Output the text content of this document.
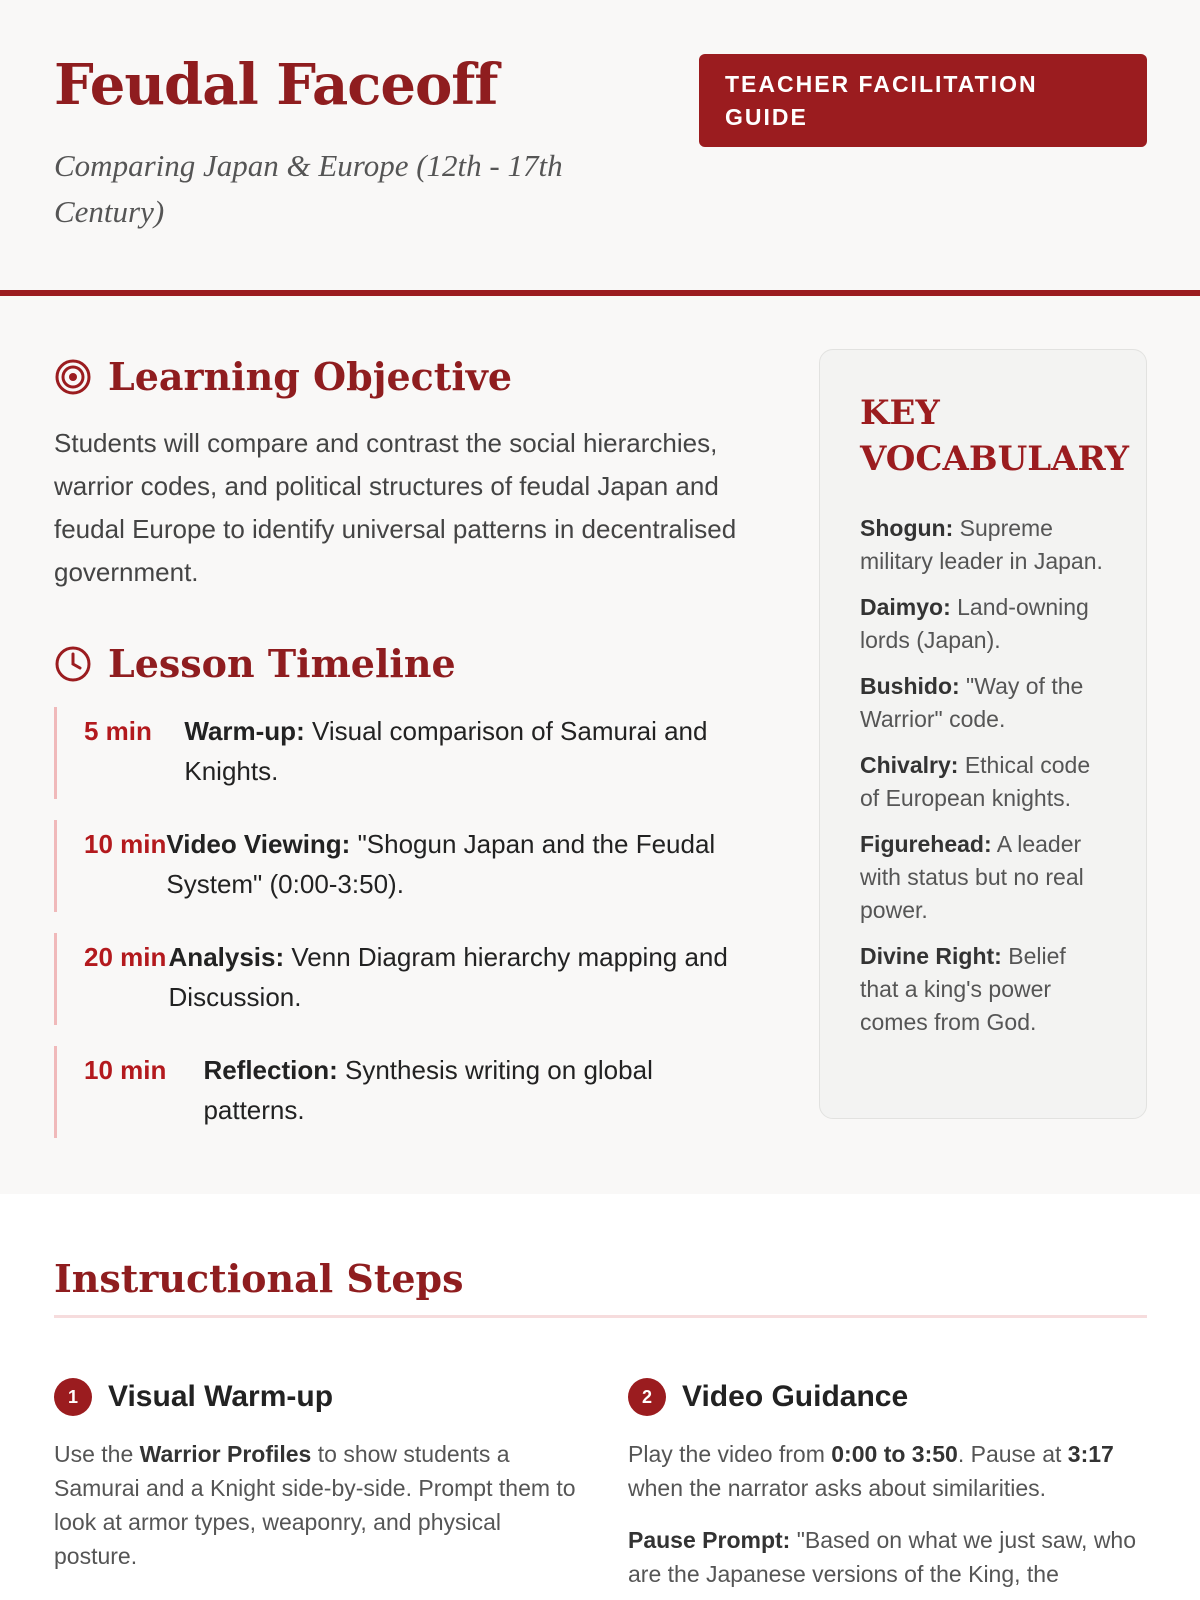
Feudal Faceoff
Comparing Japan & Europe (12th - 17th Century)
TEACHER FACILITATION GUIDE
Learning Objective
Students will compare and contrast the social hierarchies, warrior codes, and political structures of feudal Japan and feudal Europe to identify universal patterns in decentralised government.
Lesson Timeline
5 min	Warm-up: Visual comparison of Samurai and Knights.
10 min Video Viewing: "Shogun Japan and the Feudal System" (0:00-3:50).
20 min Analysis: Venn Diagram hierarchy mapping and Discussion.
10 min	Reflection: Synthesis writing on global patterns.
KEY VOCABULARY
Shogun: Supreme military leader in Japan.
Daimyo: Land-owning lords (Japan).
Bushido: "Way of the Warrior" code.
Chivalry: Ethical code of European knights.
Figurehead: A leader with status but no real power.
Divine Right: Belief that a king's power comes from God.
Instructional Steps
1	Visual Warm-up

Use the Warrior Profiles to show students a Samurai and a Knight side-by-side. Prompt them to look at armor types, weaponry, and physical posture.

2	Video Guidance

Play the video from 0:00 to 3:50. Pause at 3:17 when the narrator asks about similarities.

Pause Prompt: "Based on what we just saw, who are the Japanese versions of the King, the
